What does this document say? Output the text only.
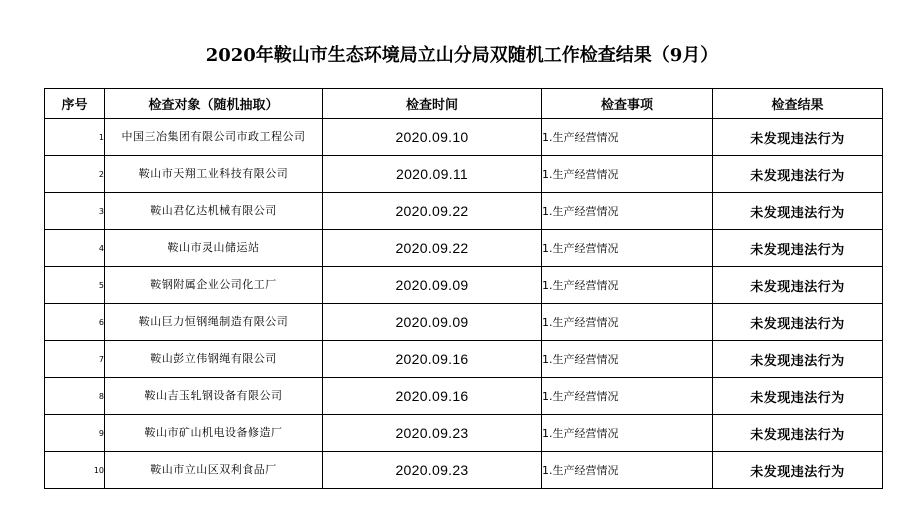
2020年鞍山市生态环境局立山分局双随机工作检查结果（9月）
序号	检查对象（随机抽取）	检查时间	检查事项	检查结果
1	中国三冶集团有限公司市政工程公司	2020.09.10	1.生产经营情况	未发现违法行为
2	鞍山市天翔工业科技有限公司	2020.09.11	1.生产经营情况	未发现违法行为
3	鞍山君亿达机械有限公司	2020.09.22	1.生产经营情况	未发现违法行为
4	鞍山市灵山储运站	2020.09.22	1.生产经营情况	未发现违法行为
5	鞍钢附属企业公司化工厂	2020.09.09	1.生产经营情况	未发现违法行为
6	鞍山巨力恒钢绳制造有限公司	2020.09.09	1.生产经营情况	未发现违法行为
7	鞍山彭立伟钢绳有限公司	2020.09.16	1.生产经营情况	未发现违法行为
8	鞍山吉玉轧钢设备有限公司	2020.09.16	1.生产经营情况	未发现违法行为
9	鞍山市矿山机电设备修造厂	2020.09.23	1.生产经营情况	未发现违法行为
10	鞍山市立山区双利食品厂	2020.09.23	1.生产经营情况	未发现违法行为
